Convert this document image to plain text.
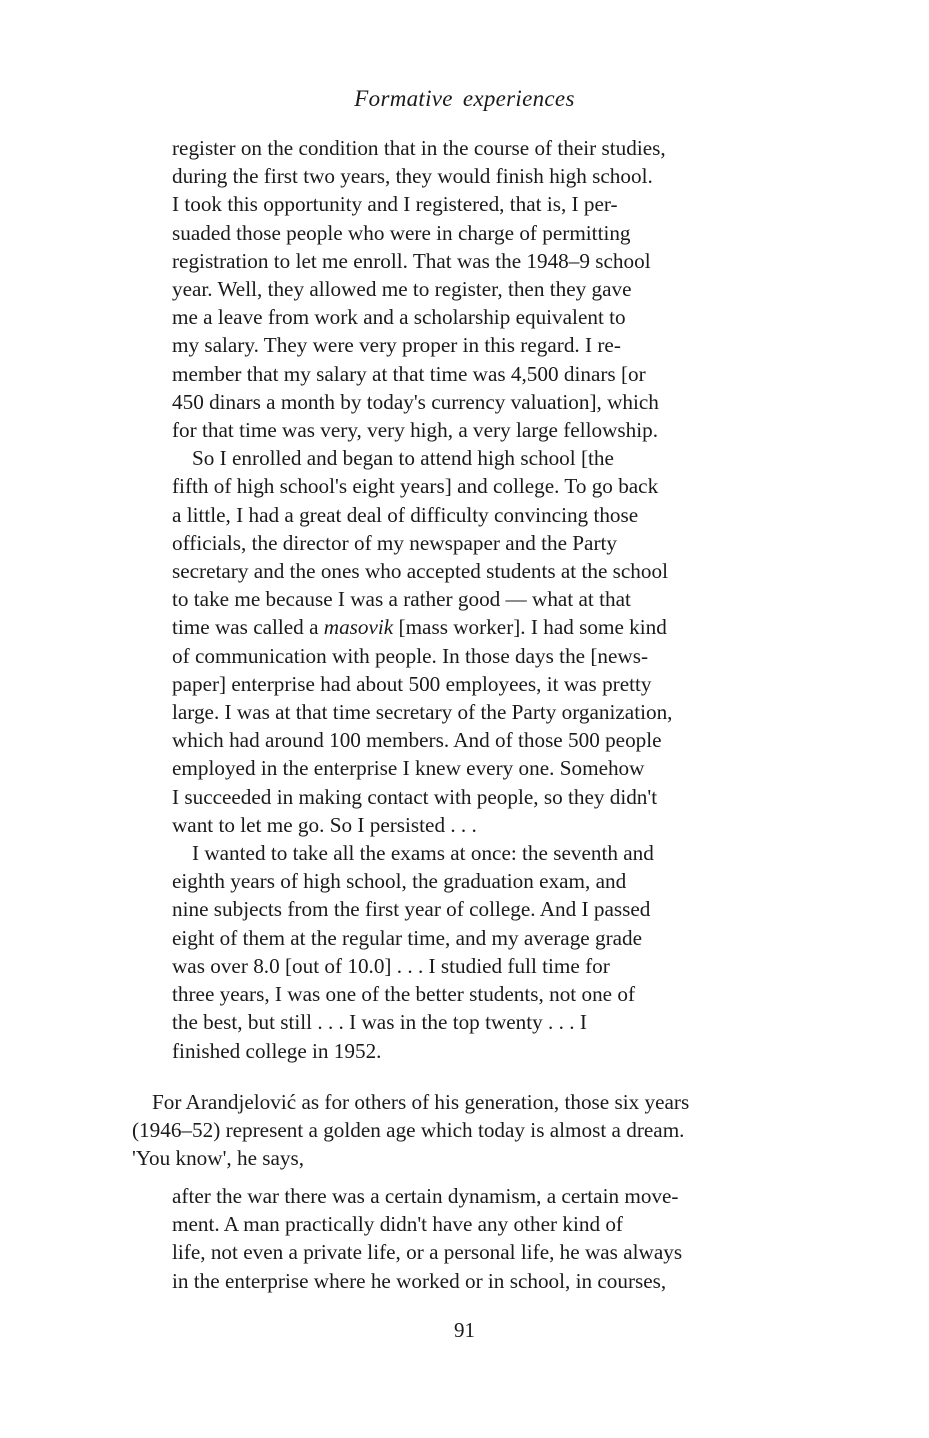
Formative experiences

register on the condition that in the course of their studies,
during the first two years, they would finish high school.
I took this opportunity and I registered, that is, I per-
suaded those people who were in charge of permitting
registration to let me enroll. That was the 1948–9 school
year. Well, they allowed me to register, then they gave
me a leave from work and a scholarship equivalent to
my salary. They were very proper in this regard. I re-
member that my salary at that time was 4,500 dinars [or
450 dinars a month by today's currency valuation], which
for that time was very, very high, a very large fellowship.

So I enrolled and began to attend high school [the
fifth of high school's eight years] and college. To go back
a little, I had a great deal of difficulty convincing those
officials, the director of my newspaper and the Party
secretary and the ones who accepted students at the school
to take me because I was a rather good — what at that
time was called a masovik [mass worker]. I had some kind
of communication with people. In those days the [news-
paper] enterprise had about 500 employees, it was pretty
large. I was at that time secretary of the Party organization,
which had around 100 members. And of those 500 people
employed in the enterprise I knew every one. Somehow
I succeeded in making contact with people, so they didn't
want to let me go. So I persisted . . .

I wanted to take all the exams at once: the seventh and
eighth years of high school, the graduation exam, and
nine subjects from the first year of college. And I passed
eight of them at the regular time, and my average grade
was over 8.0 [out of 10.0] . . . I studied full time for
three years, I was one of the better students, not one of
the best, but still . . . I was in the top twenty . . . I
finished college in 1952.

For Arandjelović as for others of his generation, those six years
(1946–52) represent a golden age which today is almost a dream.
'You know', he says,

after the war there was a certain dynamism, a certain move-
ment. A man practically didn't have any other kind of
life, not even a private life, or a personal life, he was always
in the enterprise where he worked or in school, in courses,

91
